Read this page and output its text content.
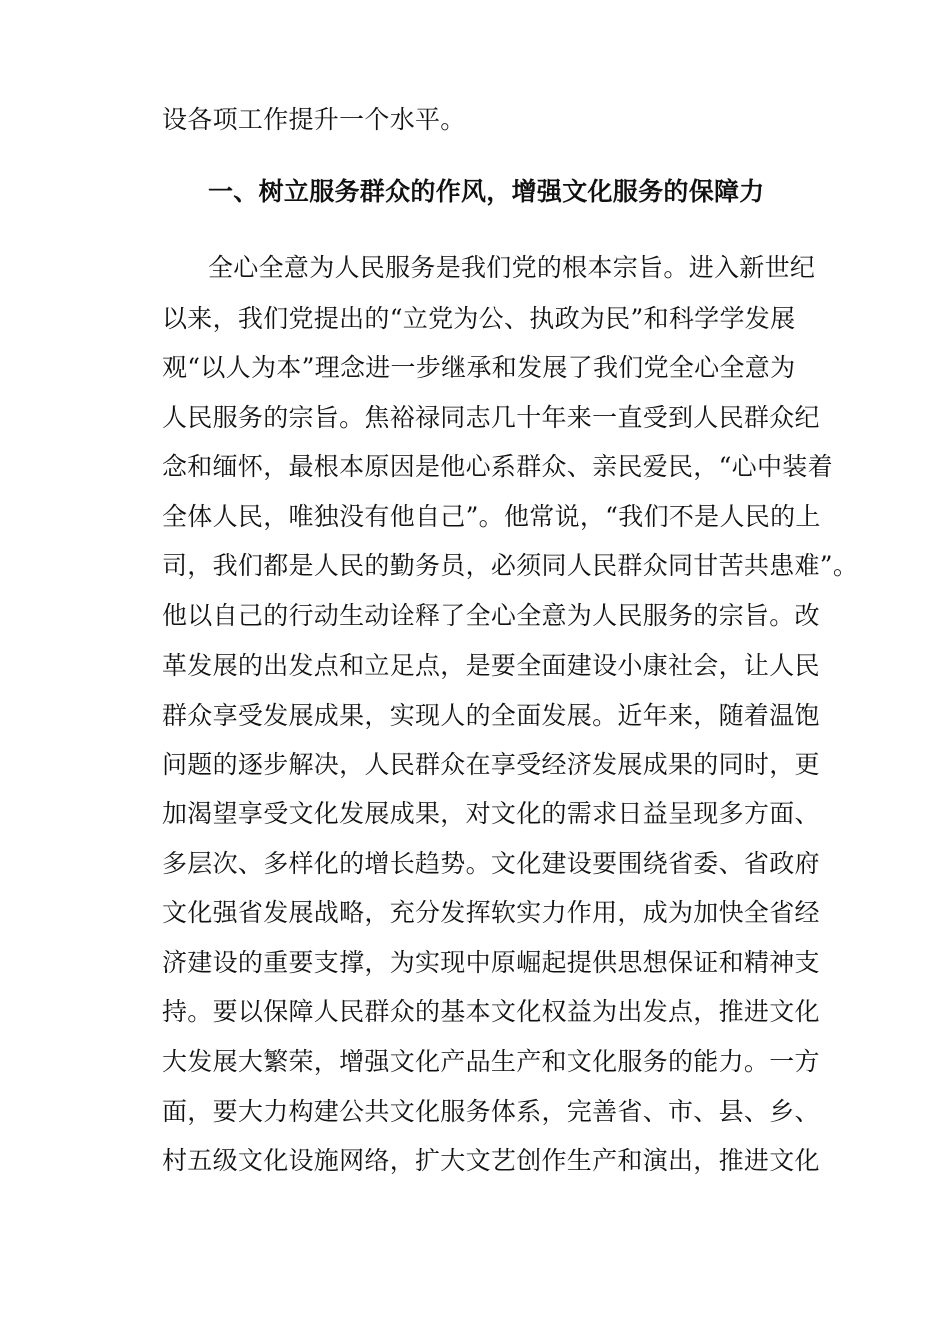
设各项工作提升一个水平。
一、树立服务群众的作风，增强文化服务的保障力
全心全意为人民服务是我们党的根本宗旨。进入新世纪
以来，我们党提出的“立党为公、执政为民”和科学学发展
观“以人为本”理念进一步继承和发展了我们党全心全意为
人民服务的宗旨。焦裕禄同志几十年来一直受到人民群众纪
念和缅怀，最根本原因是他心系群众、亲民爱民，“心中装着
全体人民，唯独没有他自己”。他常说，“我们不是人民的上
司，我们都是人民的勤务员，必须同人民群众同甘苦共患难”。
他以自己的行动生动诠释了全心全意为人民服务的宗旨。改
革发展的出发点和立足点，是要全面建设小康社会，让人民
群众享受发展成果，实现人的全面发展。近年来，随着温饱
问题的逐步解决，人民群众在享受经济发展成果的同时，更
加渴望享受文化发展成果，对文化的需求日益呈现多方面、
多层次、多样化的增长趋势。文化建设要围绕省委、省政府
文化强省发展战略，充分发挥软实力作用，成为加快全省经
济建设的重要支撑，为实现中原崛起提供思想保证和精神支
持。要以保障人民群众的基本文化权益为出发点，推进文化
大发展大繁荣，增强文化产品生产和文化服务的能力。一方
面，要大力构建公共文化服务体系，完善省、市、县、乡、
村五级文化设施网络，扩大文艺创作生产和演出，推进文化
